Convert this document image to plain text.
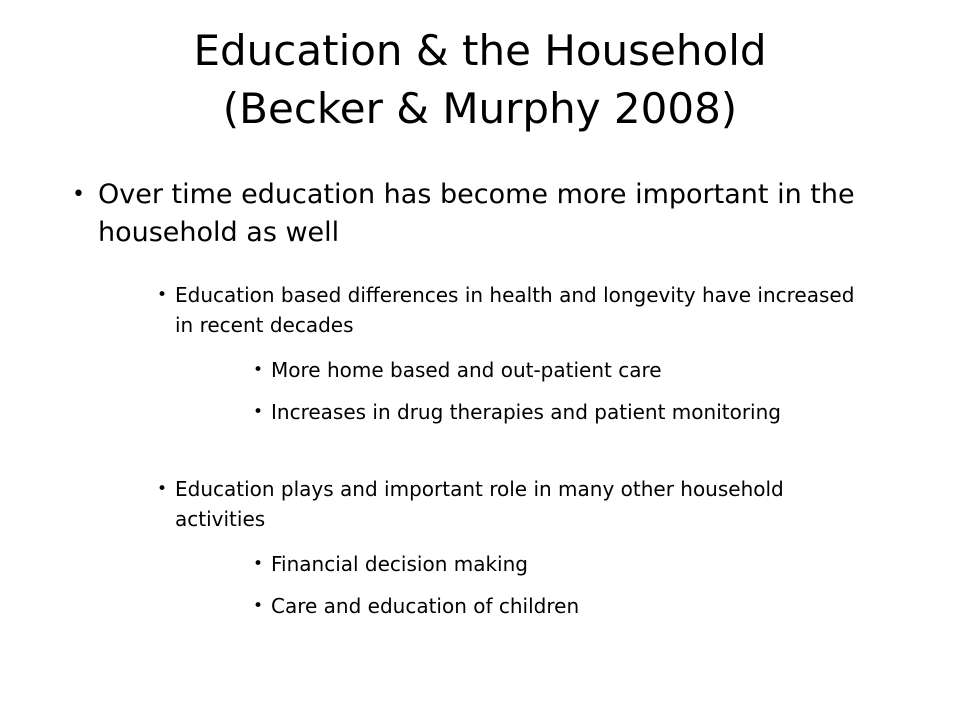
Education & the Household
(Becker & Murphy 2008)
• Over time education has become more important in the household as well
• Education based differences in health and longevity have increased in recent decades
• More home based and out-patient care
• Increases in drug therapies and patient monitoring
• Education plays and important role in many other household activities
• Financial decision making
• Care and education of children
